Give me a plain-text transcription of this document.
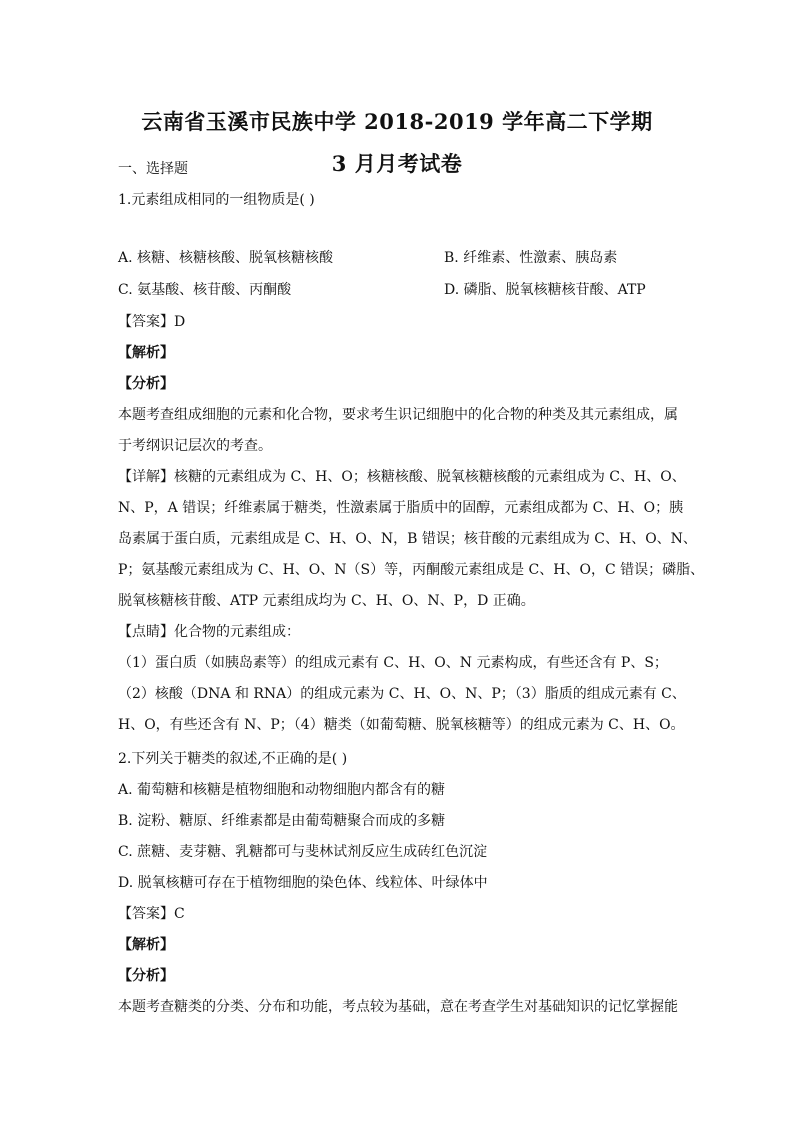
云南省玉溪市民族中学 2018-2019 学年高二下学期
3 月月考试卷
一、选择题
1.元素组成相同的一组物质是( )
A. 核糖、核糖核酸、脱氧核糖核酸	B. 纤维素、性激素、胰岛素
C. 氨基酸、核苷酸、丙酮酸	D. 磷脂、脱氧核糖核苷酸、ATP
【答案】D
【解析】
【分析】
本题考查组成细胞的元素和化合物，要求考生识记细胞中的化合物的种类及其元素组成，属
于考纲识记层次的考查。
【详解】核糖的元素组成为 C、H、O；核糖核酸、脱氧核糖核酸的元素组成为 C、H、O、
N、P，A 错误；纤维素属于糖类，性激素属于脂质中的固醇，元素组成都为 C、H、O；胰
岛素属于蛋白质，元素组成是 C、H、O、N，B 错误；核苷酸的元素组成为 C、H、O、N、
P；氨基酸元素组成为 C、H、O、N（S）等，丙酮酸元素组成是 C、H、O，C 错误；磷脂、
脱氧核糖核苷酸、ATP 元素组成均为 C、H、O、N、P，D 正确。
【点睛】化合物的元素组成：
（1）蛋白质（如胰岛素等）的组成元素有 C、H、O、N 元素构成，有些还含有 P、S；
（2）核酸（DNA 和 RNA）的组成元素为 C、H、O、N、P；（3）脂质的组成元素有 C、
H、O，有些还含有 N、P；（4）糖类（如葡萄糖、脱氧核糖等）的组成元素为 C、H、O。
2.下列关于糖类的叙述,不正确的是( )
A. 葡萄糖和核糖是植物细胞和动物细胞内都含有的糖
B. 淀粉、糖原、纤维素都是由葡萄糖聚合而成的多糖
C. 蔗糖、麦芽糖、乳糖都可与斐林试剂反应生成砖红色沉淀
D. 脱氧核糖可存在于植物细胞的染色体、线粒体、叶绿体中
【答案】C
【解析】
【分析】
本题考查糖类的分类、分布和功能，考点较为基础，意在考查学生对基础知识的记忆掌握能
